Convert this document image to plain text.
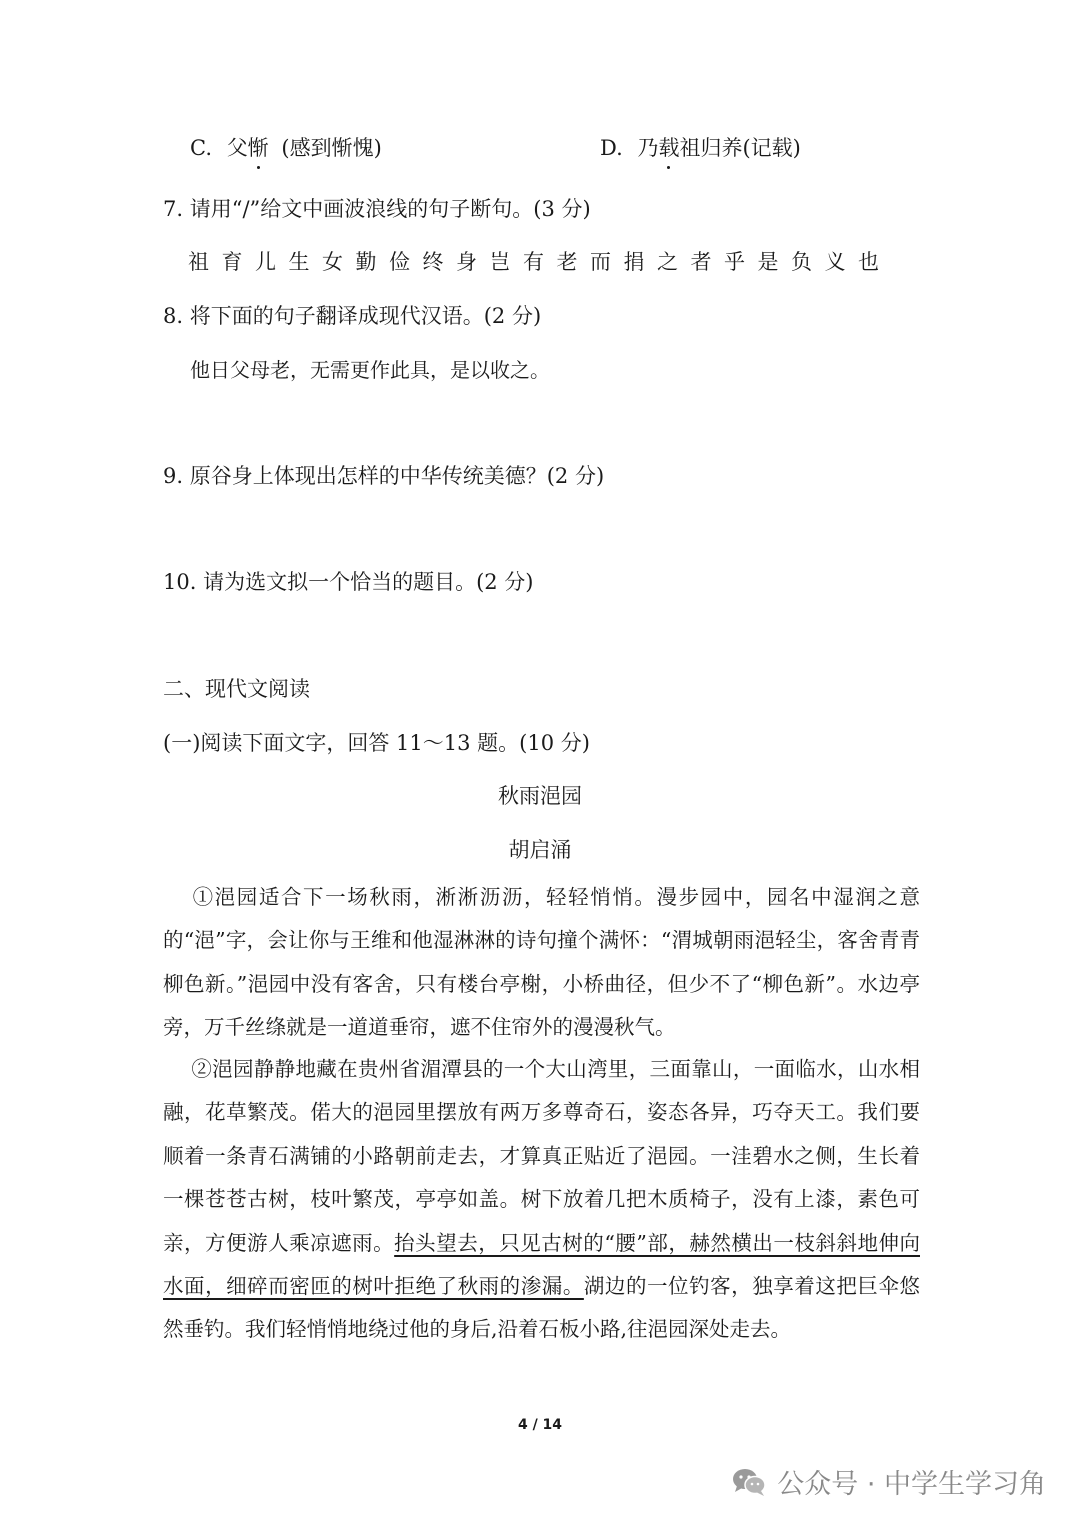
C. 父惭 (感到惭愧)	D. 乃载祖归养(记载)
7. 请用“/”给文中画波浪线的句子断句。(3 分)
祖育儿生女勤俭终身岂有老而捐之者乎是负义也
8. 将下面的句子翻译成现代汉语。(2 分)
他日父母老，无需更作此具，是以收之。
9. 原谷身上体现出怎样的中华传统美德？(2 分)
10. 请为选文拟一个恰当的题目。(2 分)
二、现代文阅读
(一)阅读下面文字，回答 11～13 题。(10 分)
秋雨浥园
胡启涌
①浥园适合下一场秋雨，淅淅沥沥，轻轻悄悄。漫步园中，园名中湿润之意的“浥”字，会让你与王维和他湿淋淋的诗句撞个满怀：“渭城朝雨浥轻尘，客舍青青柳色新。”浥园中没有客舍，只有楼台亭榭，小桥曲径，但少不了“柳色新”。水边亭旁，万千丝绦就是一道道垂帘，遮不住帘外的漫漫秋气。
②浥园静静地藏在贵州省湄潭县的一个大山湾里，三面靠山，一面临水，山水相融，花草繁茂。偌大的浥园里摆放有两万多尊奇石，姿态各异，巧夺天工。我们要顺着一条青石满铺的小路朝前走去，才算真正贴近了浥园。一洼碧水之侧，生长着一棵苍苍古树，枝叶繁茂，亭亭如盖。树下放着几把木质椅子，没有上漆，素色可亲，方便游人乘凉遮雨。抬头望去，只见古树的“腰”部，赫然横出一枝斜斜地伸向水面，细碎而密匝的树叶拒绝了秋雨的渗漏。湖边的一位钓客，独享着这把巨伞悠然垂钓。我们轻悄悄地绕过他的身后,沿着石板小路,往浥园深处走去。
4 / 14
公众号 · 中学生学习角
